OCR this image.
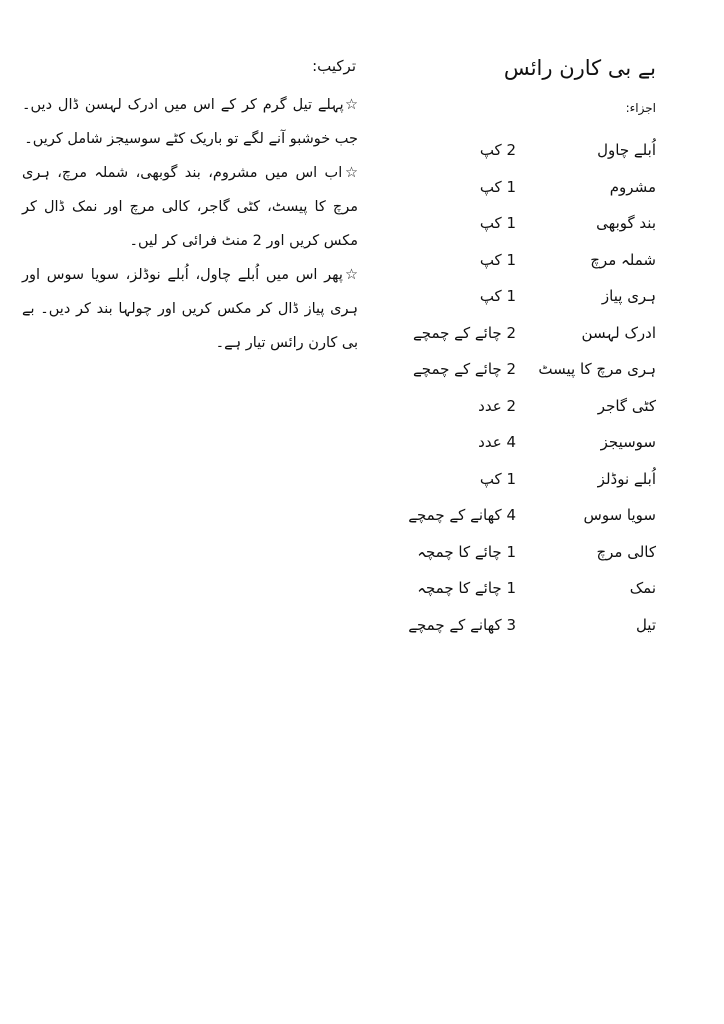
بے بی کارن رائس
اجزاء:
اُبلے چاول
2 کپ
مشروم
1 کپ
بند گوبھی
1 کپ
شملہ مرچ
1 کپ
ہری پیاز
1 کپ
ادرک لہسن
2 چائے کے چمچے
ہری مرچ کا پیسٹ
2 چائے کے چمچے
کٹی گاجر
2 عدد
سوسیجز
4 عدد
اُبلے نوڈلز
1 کپ
سویا سوس
4 کھانے کے چمچے
کالی مرچ
1 چائے کا چمچہ
نمک
1 چائے کا چمچہ
تیل
3 کھانے کے چمچے
ترکیب:

☆پہلے تیل گرم کر کے اس میں ادرک لہسن ڈال دیں۔ جب خوشبو آنے لگے تو باریک کٹے سوسیجز شامل کریں۔

☆اب اس میں مشروم، بند گوبھی، شملہ مرچ، ہری مرچ کا پیسٹ، کٹی گاجر، کالی مرچ اور نمک ڈال کر مکس کریں اور 2 منٹ فرائی کر لیں۔

☆پھر اس میں اُبلے چاول، اُبلے نوڈلز، سویا سوس اور ہری پیاز ڈال کر مکس کریں اور چولہا بند کر دیں۔ بے بی کارن رائس تیار ہے۔
